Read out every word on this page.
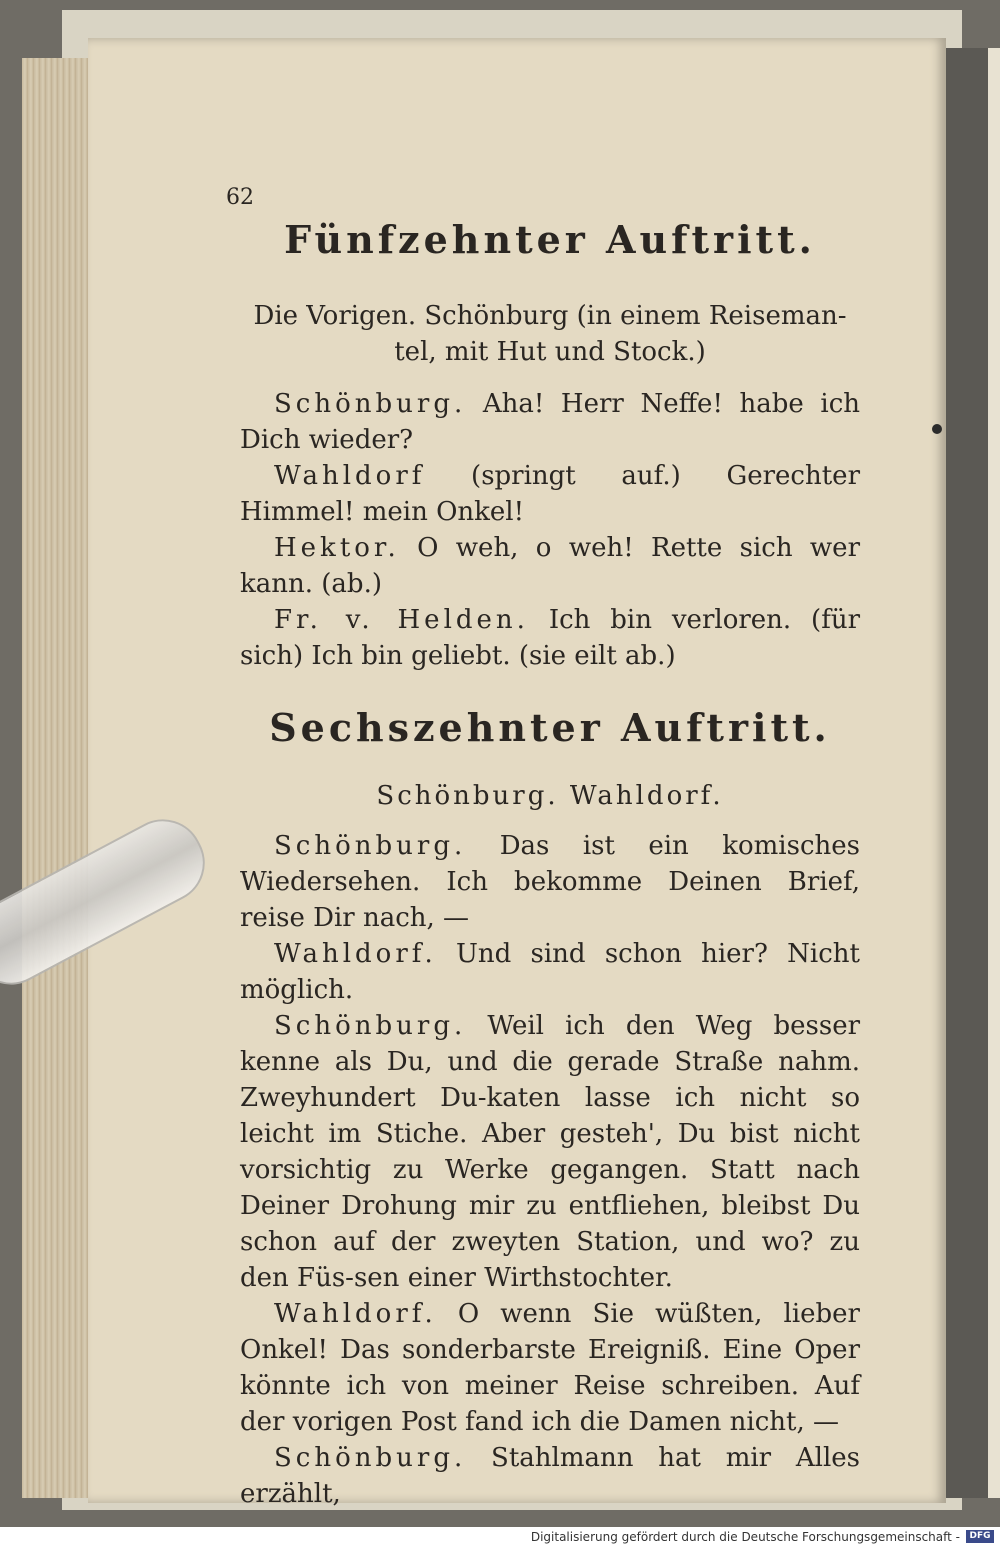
62
Fünfzehnter Auftritt.
Die Vorigen. Schönburg (in einem Reiseman-tel, mit Hut und Stock.)

Schönburg. Aha! Herr Neffe! habe ich Dich wieder?

Wahldorf (springt auf.) Gerechter Himmel! mein Onkel!

Hektor. O weh, o weh! Rette sich wer kann. (ab.)

Fr. v. Helden. Ich bin verloren. (für sich) Ich bin geliebt. (sie eilt ab.)

Sechszehnter Auftritt.
Schönburg. Wahldorf.

Schönburg. Das ist ein komisches Wiedersehen. Ich bekomme Deinen Brief, reise Dir nach, —

Wahldorf. Und sind schon hier? Nicht möglich.

Schönburg. Weil ich den Weg besser kenne als Du, und die gerade Straße nahm. Zweyhundert Du-katen lasse ich nicht so leicht im Stiche. Aber gesteh', Du bist nicht vorsichtig zu Werke gegangen. Statt nach Deiner Drohung mir zu entfliehen, bleibst Du schon auf der zweyten Station, und wo? zu den Füs-sen einer Wirthstochter.

Wahldorf. O wenn Sie wüßten, lieber Onkel! Das sonderbarste Ereigniß. Eine Oper könnte ich von meiner Reise schreiben. Auf der vorigen Post fand ich die Damen nicht, —

Schönburg. Stahlmann hat mir Alles erzählt,

Digitalisierung gefördert durch die Deutsche Forschungsgemeinschaft -	DFG
